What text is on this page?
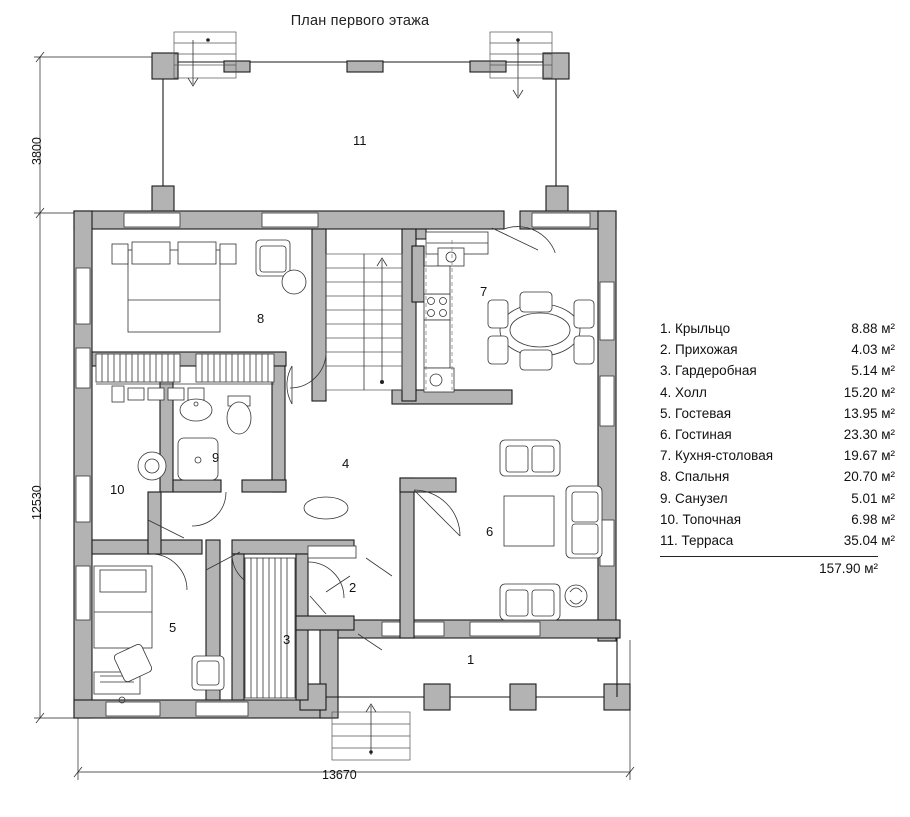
План первого этажа
3800
12530
13670
11
8
7
9
10
4
6
2
5
3
1
1. Крыльцо	8.88 м²
2. Прихожая	4.03 м²
3. Гардеробная	5.14 м²
4. Холл	15.20 м²
5. Гостевая	13.95 м²
6. Гостиная	23.30 м²
7. Кухня-столовая	19.67 м²
8. Спальня	20.70 м²
9. Санузел	5.01 м²
10. Топочная	6.98 м²
11. Терраса	35.04 м²
157.90 м²
